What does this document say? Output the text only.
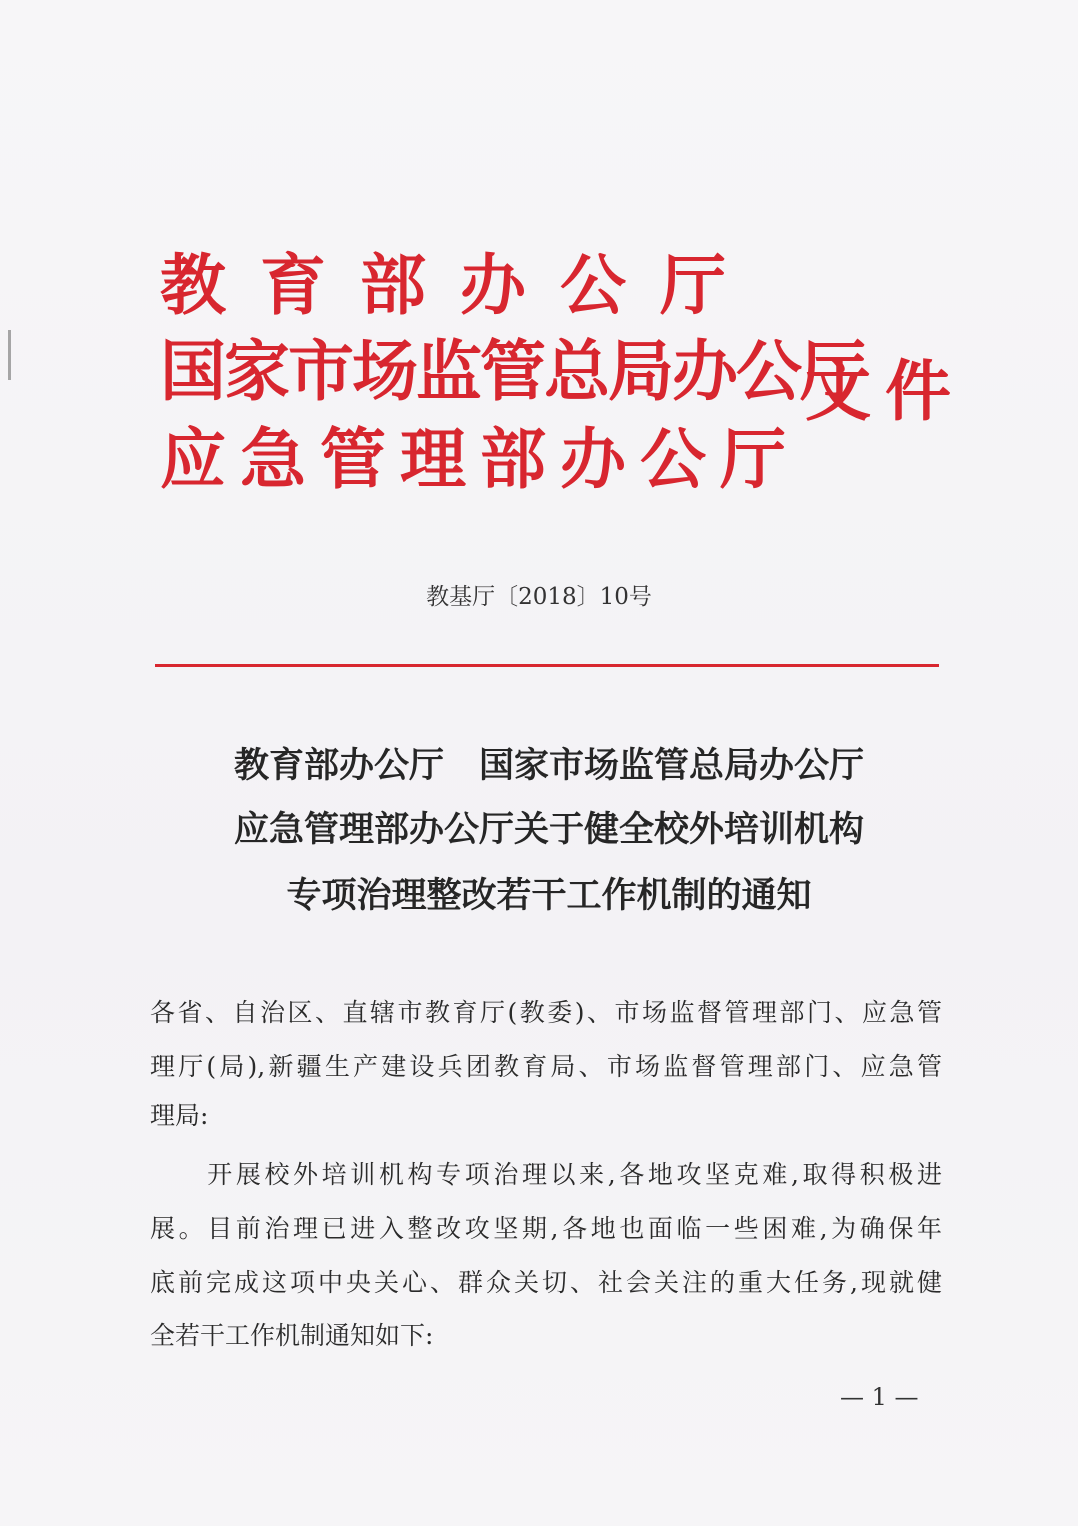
教育部办公厅
国家市场监管总局办公厅
应急管理部办公厅
文件
教基厅〔2018〕10号
教育部办公厅　国家市场监管总局办公厅
应急管理部办公厅关于健全校外培训机构
专项治理整改若干工作机制的通知
各省、自治区、直辖市教育厅(教委)、市场监督管理部门、应急管
理厅(局),新疆生产建设兵团教育局、市场监督管理部门、应急管
理局:
　　开展校外培训机构专项治理以来,各地攻坚克难,取得积极进
展。目前治理已进入整改攻坚期,各地也面临一些困难,为确保年
底前完成这项中央关心、群众关切、社会关注的重大任务,现就健
全若干工作机制通知如下:
— 1 —
